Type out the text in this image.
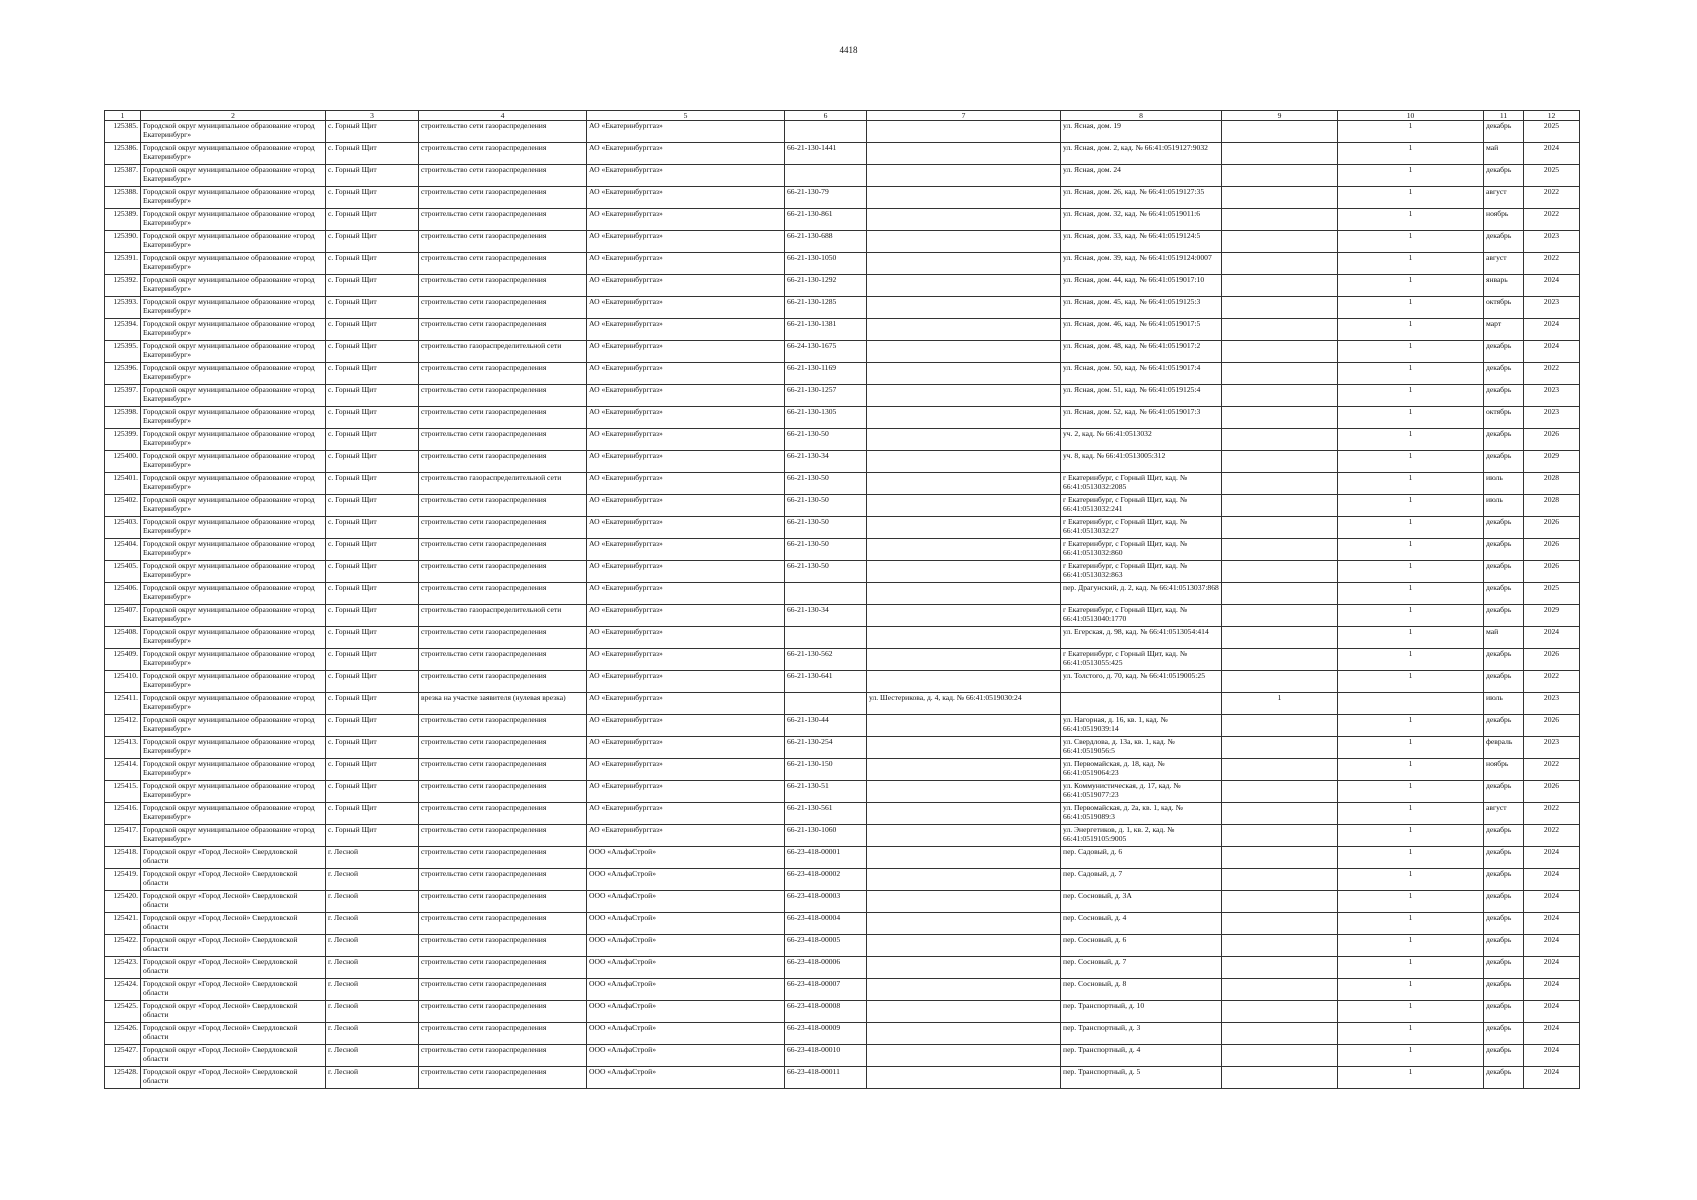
4418
1	2	3	4	5	6	7	8	9	10	11	12
125385.	Городской округ муниципальное образование «город Екатеринбург»	с. Горный Щит	строительство сети газораспределения	АО «Екатеринбурггаз»			ул. Ясная, дом. 19		1	декабрь	2025
125386.	Городской округ муниципальное образование «город Екатеринбург»	с. Горный Щит	строительство сети газораспределения	АО «Екатеринбурггаз»	66-21-130-1441		ул. Ясная, дом. 2, кад. № 66:41:0519127:9032		1	май	2024
125387.	Городской округ муниципальное образование «город Екатеринбург»	с. Горный Щит	строительство сети газораспределения	АО «Екатеринбурггаз»			ул. Ясная, дом. 24		1	декабрь	2025
125388.	Городской округ муниципальное образование «город Екатеринбург»	с. Горный Щит	строительство сети газораспределения	АО «Екатеринбурггаз»	66-21-130-79		ул. Ясная, дом. 26, кад. № 66:41:0519127:35		1	август	2022
125389.	Городской округ муниципальное образование «город Екатеринбург»	с. Горный Щит	строительство сети газораспределения	АО «Екатеринбурггаз»	66-21-130-861		ул. Ясная, дом. 32, кад. № 66:41:0519011:6		1	ноябрь	2022
125390.	Городской округ муниципальное образование «город Екатеринбург»	с. Горный Щит	строительство сети газораспределения	АО «Екатеринбурггаз»	66-21-130-688		ул. Ясная, дом. 33, кад. № 66:41:0519124:5		1	декабрь	2023
125391.	Городской округ муниципальное образование «город Екатеринбург»	с. Горный Щит	строительство сети газораспределения	АО «Екатеринбурггаз»	66-21-130-1050		ул. Ясная, дом. 39, кад. № 66:41:0519124:0007		1	август	2022
125392.	Городской округ муниципальное образование «город Екатеринбург»	с. Горный Щит	строительство сети газораспределения	АО «Екатеринбурггаз»	66-21-130-1292		ул. Ясная, дом. 44, кад. № 66:41:0519017:10		1	январь	2024
125393.	Городской округ муниципальное образование «город Екатеринбург»	с. Горный Щит	строительство сети газораспределения	АО «Екатеринбурггаз»	66-21-130-1285		ул. Ясная, дом. 45, кад. № 66:41:0519125:3		1	октябрь	2023
125394.	Городской округ муниципальное образование «город Екатеринбург»	с. Горный Щит	строительство сети газораспределения	АО «Екатеринбурггаз»	66-21-130-1381		ул. Ясная, дом. 46, кад. № 66:41:0519017:5		1	март	2024
125395.	Городской округ муниципальное образование «город Екатеринбург»	с. Горный Щит	строительство газораспределительной сети	АО «Екатеринбурггаз»	66-24-130-1675		ул. Ясная, дом. 48, кад. № 66:41:0519017:2		1	декабрь	2024
125396.	Городской округ муниципальное образование «город Екатеринбург»	с. Горный Щит	строительство сети газораспределения	АО «Екатеринбурггаз»	66-21-130-1169		ул. Ясная, дом. 50, кад. № 66:41:0519017:4		1	декабрь	2022
125397.	Городской округ муниципальное образование «город Екатеринбург»	с. Горный Щит	строительство сети газораспределения	АО «Екатеринбурггаз»	66-21-130-1257		ул. Ясная, дом. 51, кад. № 66:41:0519125:4		1	декабрь	2023
125398.	Городской округ муниципальное образование «город Екатеринбург»	с. Горный Щит	строительство сети газораспределения	АО «Екатеринбурггаз»	66-21-130-1305		ул. Ясная, дом. 52, кад. № 66:41:0519017:3		1	октябрь	2023
125399.	Городской округ муниципальное образование «город Екатеринбург»	с. Горный Щит	строительство сети газораспределения	АО «Екатеринбурггаз»	66-21-130-50		уч. 2, кад. № 66:41:0513032		1	декабрь	2026
125400.	Городской округ муниципальное образование «город Екатеринбург»	с. Горный Щит	строительство сети газораспределения	АО «Екатеринбурггаз»	66-21-130-34		уч. 8, кад. № 66:41:0513005:312		1	декабрь	2029
125401.	Городской округ муниципальное образование «город Екатеринбург»	с. Горный Щит	строительство газораспределительной сети	АО «Екатеринбурггаз»	66-21-130-50		г Екатеринбург, с Горный Щит, кад. № 66:41:0513032:2085		1	июль	2028
125402.	Городской округ муниципальное образование «город Екатеринбург»	с. Горный Щит	строительство сети газораспределения	АО «Екатеринбурггаз»	66-21-130-50		г Екатеринбург, с Горный Щит, кад. № 66:41:0513032:241		1	июль	2028
125403.	Городской округ муниципальное образование «город Екатеринбург»	с. Горный Щит	строительство сети газораспределения	АО «Екатеринбурггаз»	66-21-130-50		г Екатеринбург, с Горный Щит, кад. № 66:41:0513032:27		1	декабрь	2026
125404.	Городской округ муниципальное образование «город Екатеринбург»	с. Горный Щит	строительство сети газораспределения	АО «Екатеринбурггаз»	66-21-130-50		г Екатеринбург, с Горный Щит, кад. № 66:41:0513032:860		1	декабрь	2026
125405.	Городской округ муниципальное образование «город Екатеринбург»	с. Горный Щит	строительство сети газораспределения	АО «Екатеринбурггаз»	66-21-130-50		г Екатеринбург, с Горный Щит, кад. № 66:41:0513032:863		1	декабрь	2026
125406.	Городской округ муниципальное образование «город Екатеринбург»	с. Горный Щит	строительство сети газораспределения	АО «Екатеринбурггаз»			пер. Драгунский, д. 2, кад. № 66:41:0513037:868		1	декабрь	2025
125407.	Городской округ муниципальное образование «город Екатеринбург»	с. Горный Щит	строительство газораспределительной сети	АО «Екатеринбурггаз»	66-21-130-34		г Екатеринбург, с Горный Щит, кад. № 66:41:0513040:1770		1	декабрь	2029
125408.	Городской округ муниципальное образование «город Екатеринбург»	с. Горный Щит	строительство сети газораспределения	АО «Екатеринбурггаз»			ул. Егерская, д. 98, кад. № 66:41:0513054:414		1	май	2024
125409.	Городской округ муниципальное образование «город Екатеринбург»	с. Горный Щит	строительство сети газораспределения	АО «Екатеринбурггаз»	66-21-130-562		г Екатеринбург, с Горный Щит, кад. № 66:41:0513055:425		1	декабрь	2026
125410.	Городской округ муниципальное образование «город Екатеринбург»	с. Горный Щит	строительство сети газораспределения	АО «Екатеринбурггаз»	66-21-130-641		ул. Толстого, д. 70, кад. № 66:41:0519005:25		1	декабрь	2022
125411.	Городской округ муниципальное образование «город Екатеринбург»	с. Горный Щит	врезка на участке заявителя (нулевая врезка)	АО «Екатеринбурггаз»		ул. Шестерикова, д. 4, кад. № 66:41:0519030:24		1		июль	2023
125412.	Городской округ муниципальное образование «город Екатеринбург»	с. Горный Щит	строительство сети газораспределения	АО «Екатеринбурггаз»	66-21-130-44		ул. Нагорная, д. 16, кв. 1, кад. № 66:41:0519039:14		1	декабрь	2026
125413.	Городской округ муниципальное образование «город Екатеринбург»	с. Горный Щит	строительство сети газораспределения	АО «Екатеринбурггаз»	66-21-130-254		ул. Свердлова, д. 13а, кв. 1, кад. № 66:41:0519056:5		1	февраль	2023
125414.	Городской округ муниципальное образование «город Екатеринбург»	с. Горный Щит	строительство сети газораспределения	АО «Екатеринбурггаз»	66-21-130-150		ул. Первомайская, д. 18, кад. № 66:41:0519064:23		1	ноябрь	2022
125415.	Городской округ муниципальное образование «город Екатеринбург»	с. Горный Щит	строительство сети газораспределения	АО «Екатеринбурггаз»	66-21-130-51		ул. Коммунистическая, д. 17, кад. № 66:41:0519077:23		1	декабрь	2026
125416.	Городской округ муниципальное образование «город Екатеринбург»	с. Горный Щит	строительство сети газораспределения	АО «Екатеринбурггаз»	66-21-130-561		ул. Первомайская, д. 2а, кв. 1, кад. № 66:41:0519089:3		1	август	2022
125417.	Городской округ муниципальное образование «город Екатеринбург»	с. Горный Щит	строительство сети газораспределения	АО «Екатеринбурггаз»	66-21-130-1060		ул. Энергетиков, д. 1, кв. 2, кад. № 66:41:0519105:9005		1	декабрь	2022
125418.	Городской округ «Город Лесной» Свердловской области	г. Лесной	строительство сети газораспределения	ООО «АльфаСтрой»	66-23-418-00001		пер. Садовый, д. 6		1	декабрь	2024
125419.	Городской округ «Город Лесной» Свердловской области	г. Лесной	строительство сети газораспределения	ООО «АльфаСтрой»	66-23-418-00002		пер. Садовый, д. 7		1	декабрь	2024
125420.	Городской округ «Город Лесной» Свердловской области	г. Лесной	строительство сети газораспределения	ООО «АльфаСтрой»	66-23-418-00003		пер. Сосновый, д. 3А		1	декабрь	2024
125421.	Городской округ «Город Лесной» Свердловской области	г. Лесной	строительство сети газораспределения	ООО «АльфаСтрой»	66-23-418-00004		пер. Сосновый, д. 4		1	декабрь	2024
125422.	Городской округ «Город Лесной» Свердловской области	г. Лесной	строительство сети газораспределения	ООО «АльфаСтрой»	66-23-418-00005		пер. Сосновый, д. 6		1	декабрь	2024
125423.	Городской округ «Город Лесной» Свердловской области	г. Лесной	строительство сети газораспределения	ООО «АльфаСтрой»	66-23-418-00006		пер. Сосновый, д. 7		1	декабрь	2024
125424.	Городской округ «Город Лесной» Свердловской области	г. Лесной	строительство сети газораспределения	ООО «АльфаСтрой»	66-23-418-00007		пер. Сосновый, д. 8		1	декабрь	2024
125425.	Городской округ «Город Лесной» Свердловской области	г. Лесной	строительство сети газораспределения	ООО «АльфаСтрой»	66-23-418-00008		пер. Транспортный, д. 10		1	декабрь	2024
125426.	Городской округ «Город Лесной» Свердловской области	г. Лесной	строительство сети газораспределения	ООО «АльфаСтрой»	66-23-418-00009		пер. Транспортный, д. 3		1	декабрь	2024
125427.	Городской округ «Город Лесной» Свердловской области	г. Лесной	строительство сети газораспределения	ООО «АльфаСтрой»	66-23-418-00010		пер. Транспортный, д. 4		1	декабрь	2024
125428.	Городской округ «Город Лесной» Свердловской области	г. Лесной	строительство сети газораспределения	ООО «АльфаСтрой»	66-23-418-00011		пер. Транспортный, д. 5		1	декабрь	2024
